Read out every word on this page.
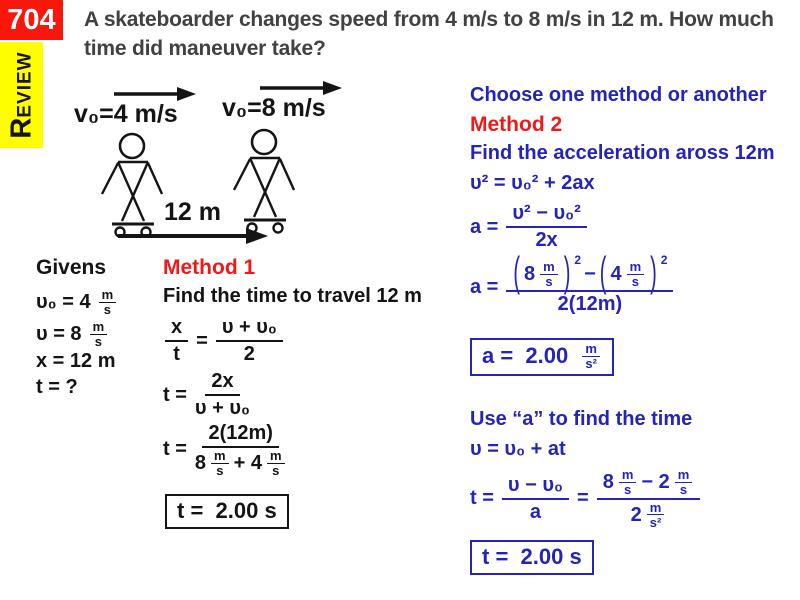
704
REVIEW
A skateboarder changes speed from 4 m/s to 8 m/s in 12 m. How much time did maneuver take?
v₀=4 m/s v₀=8 m/s
12 m
Givens
$\upsilon_0 = 4 \frac{m}{s}$
$\upsilon = 8 \frac{m}{s}$
x = 12 m
t = ?
Method 1
Find the time to travel 12 m
$\frac{x}{t} = \frac{\text{υ + υ₀}}{2}$
$t = \frac{2x}{\text{υ + υ₀}}$
$t = \frac{2(12m)}{8 \frac{m}{s} + 4 \frac{m}{s}}$
t =  2.00 s
Choose one method or another
Method 2
Find the acceleration aross 12m
υ² = υ₀² + 2ax
$a = \frac{\text{υ² − υ₀²}}{2x}$
a = ( $8 \frac{m}{s}$ ) 2
− ( $4 \frac{m}{s}$ ) 2
2(12m)
$a = 2.00 \frac{m}{\text{s²}}$
Use “a” to find the time
υ = υ₀ + at
$t = \frac{\text{υ − υ₀}}{a} = \frac{8 \frac{m}{s} - 2 \frac{m}{s}}{2 \frac{m}{\text{s²}}}$
t =  2.00 s
